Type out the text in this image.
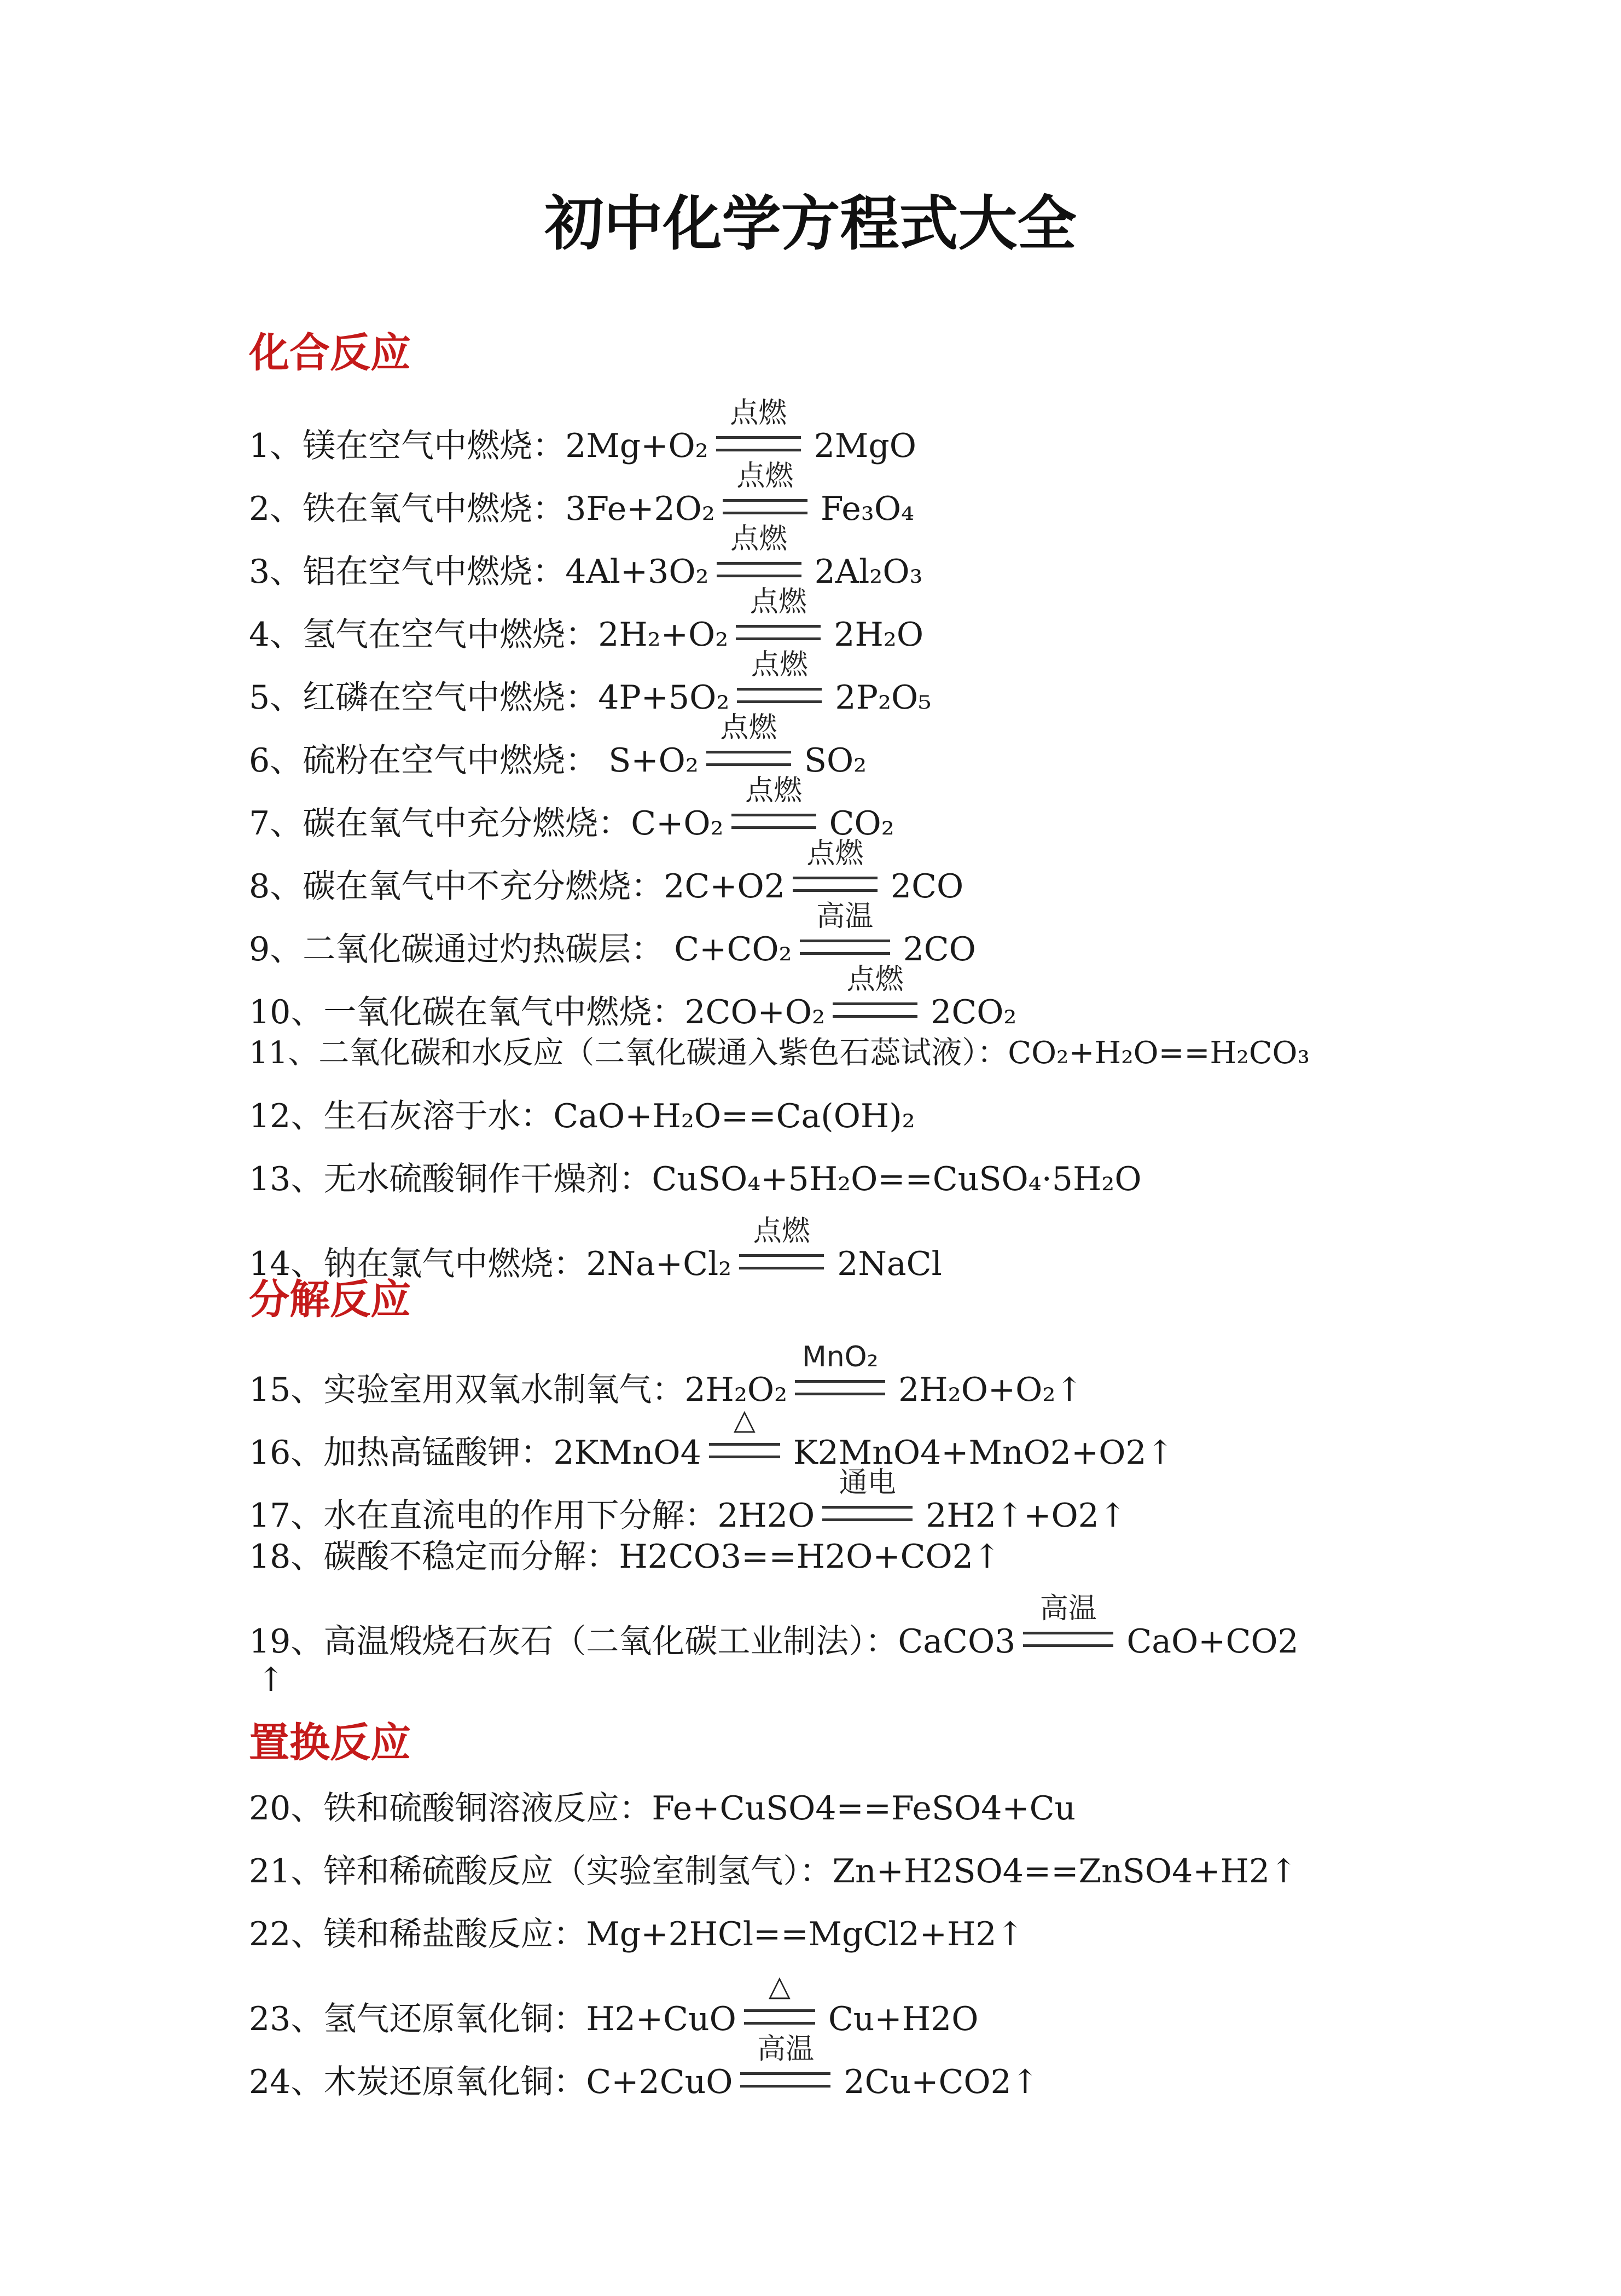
初中化学方程式大全
化合反应
1、镁在空气中燃烧：2Mg+O₂
点燃
2MgO
2、铁在氧气中燃烧：3Fe+2O₂
点燃
Fe₃O₄
3、铝在空气中燃烧：4Al+3O₂
点燃
2Al₂O₃
4、氢气在空气中燃烧：2H₂+O₂
点燃
2H₂O
5、红磷在空气中燃烧：4P+5O₂
点燃
2P₂O₅
6、硫粉在空气中燃烧： S+O₂
点燃
SO₂
7、碳在氧气中充分燃烧：C+O₂
点燃
CO₂
8、碳在氧气中不充分燃烧：2C+O2
点燃
2CO
9、二氧化碳通过灼热碳层： C+CO₂
高温
2CO
10、一氧化碳在氧气中燃烧：2CO+O₂
点燃
2CO₂
11、二氧化碳和水反应（二氧化碳通入紫色石蕊试液）：CO₂+H₂O==H₂CO₃
12、生石灰溶于水：CaO+H₂O==Ca(OH)₂
13、无水硫酸铜作干燥剂：CuSO₄+5H₂O==CuSO₄·5H₂O
14、钠在氯气中燃烧：2Na+Cl₂
点燃
2NaCl
分解反应
15、实验室用双氧水制氧气：2H₂O₂
MnO₂
2H₂O+O₂↑
16、加热高锰酸钾：2KMnO4
△
K2MnO4+MnO2+O2↑
17、水在直流电的作用下分解：2H2O
通电
2H2↑+O2↑
18、碳酸不稳定而分解：H2CO3==H2O+CO2↑
19、高温煅烧石灰石（二氧化碳工业制法）：CaCO3
高温
CaO+CO2
↑
置换反应
20、铁和硫酸铜溶液反应：Fe+CuSO4==FeSO4+Cu
21、锌和稀硫酸反应（实验室制氢气）：Zn+H2SO4==ZnSO4+H2↑
22、镁和稀盐酸反应：Mg+2HCl==MgCl2+H2↑
23、氢气还原氧化铜：H2+CuO
△
Cu+H2O
24、木炭还原氧化铜：C+2CuO
高温
2Cu+CO2↑
